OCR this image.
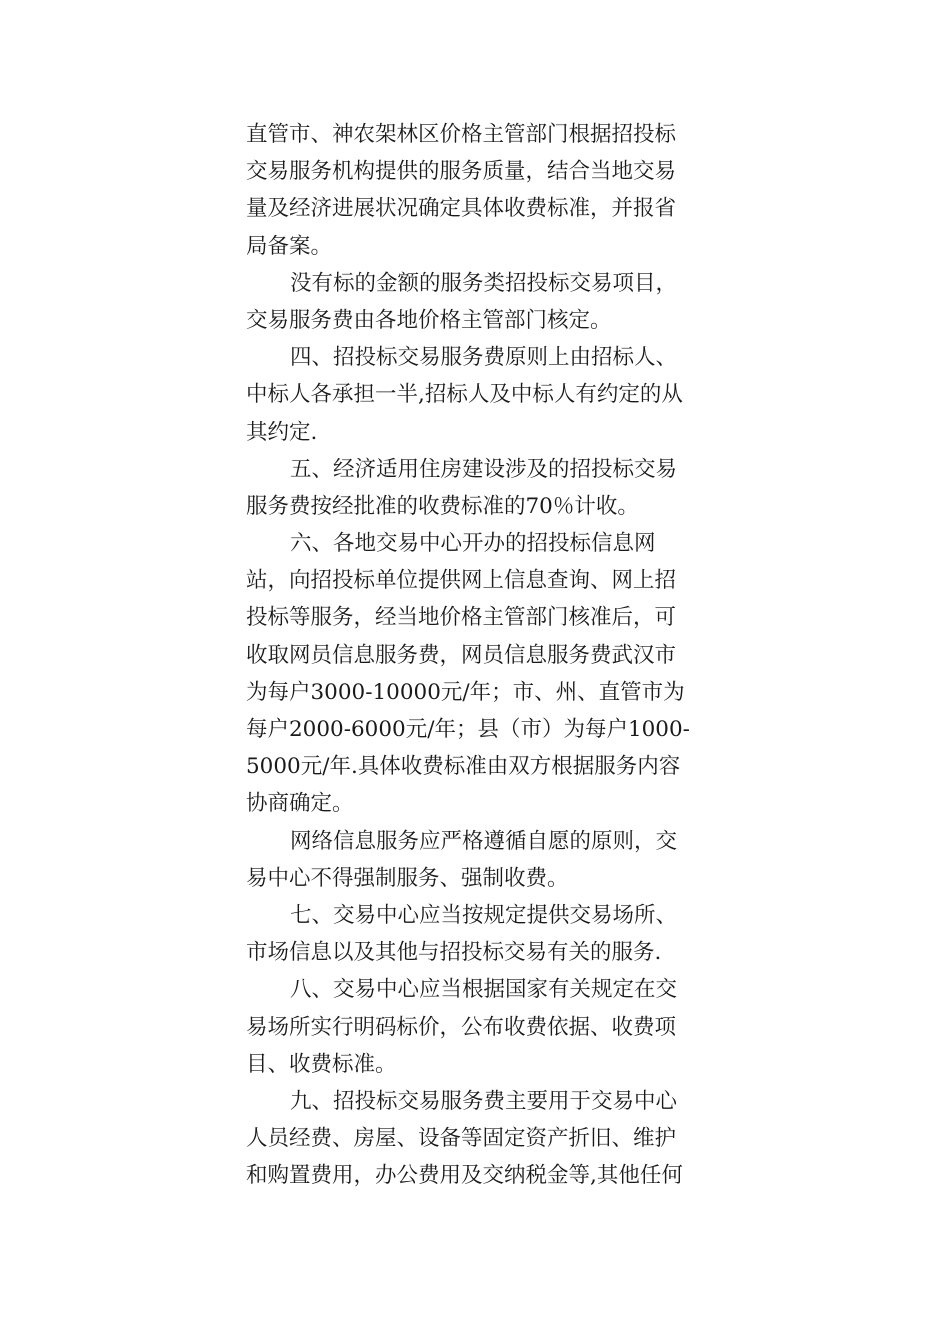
直管市、神农架林区价格主管部门根据招投标

交易服务机构提供的服务质量，结合当地交易

量及经济进展状况确定具体收费标准，并报省

局备案。

没有标的金额的服务类招投标交易项目，

交易服务费由各地价格主管部门核定。

四、招投标交易服务费原则上由招标人、

中标人各承担一半,招标人及中标人有约定的从

其约定.

五、经济适用住房建设涉及的招投标交易

服务费按经批准的收费标准的70％计收。

六、各地交易中心开办的招投标信息网

站，向招投标单位提供网上信息查询、网上招

投标等服务，经当地价格主管部门核准后，可

收取网员信息服务费，网员信息服务费武汉市

为每户3000-10000元/年；市、州、直管市为

每户2000-6000元/年；县（市）为每户1000-

5000元/年.具体收费标准由双方根据服务内容

协商确定。

网络信息服务应严格遵循自愿的原则，交

易中心不得强制服务、强制收费。

七、交易中心应当按规定提供交易场所、

市场信息以及其他与招投标交易有关的服务.

八、交易中心应当根据国家有关规定在交

易场所实行明码标价，公布收费依据、收费项

目、收费标准。

九、招投标交易服务费主要用于交易中心

人员经费、房屋、设备等固定资产折旧、维护

和购置费用，办公费用及交纳税金等,其他任何
